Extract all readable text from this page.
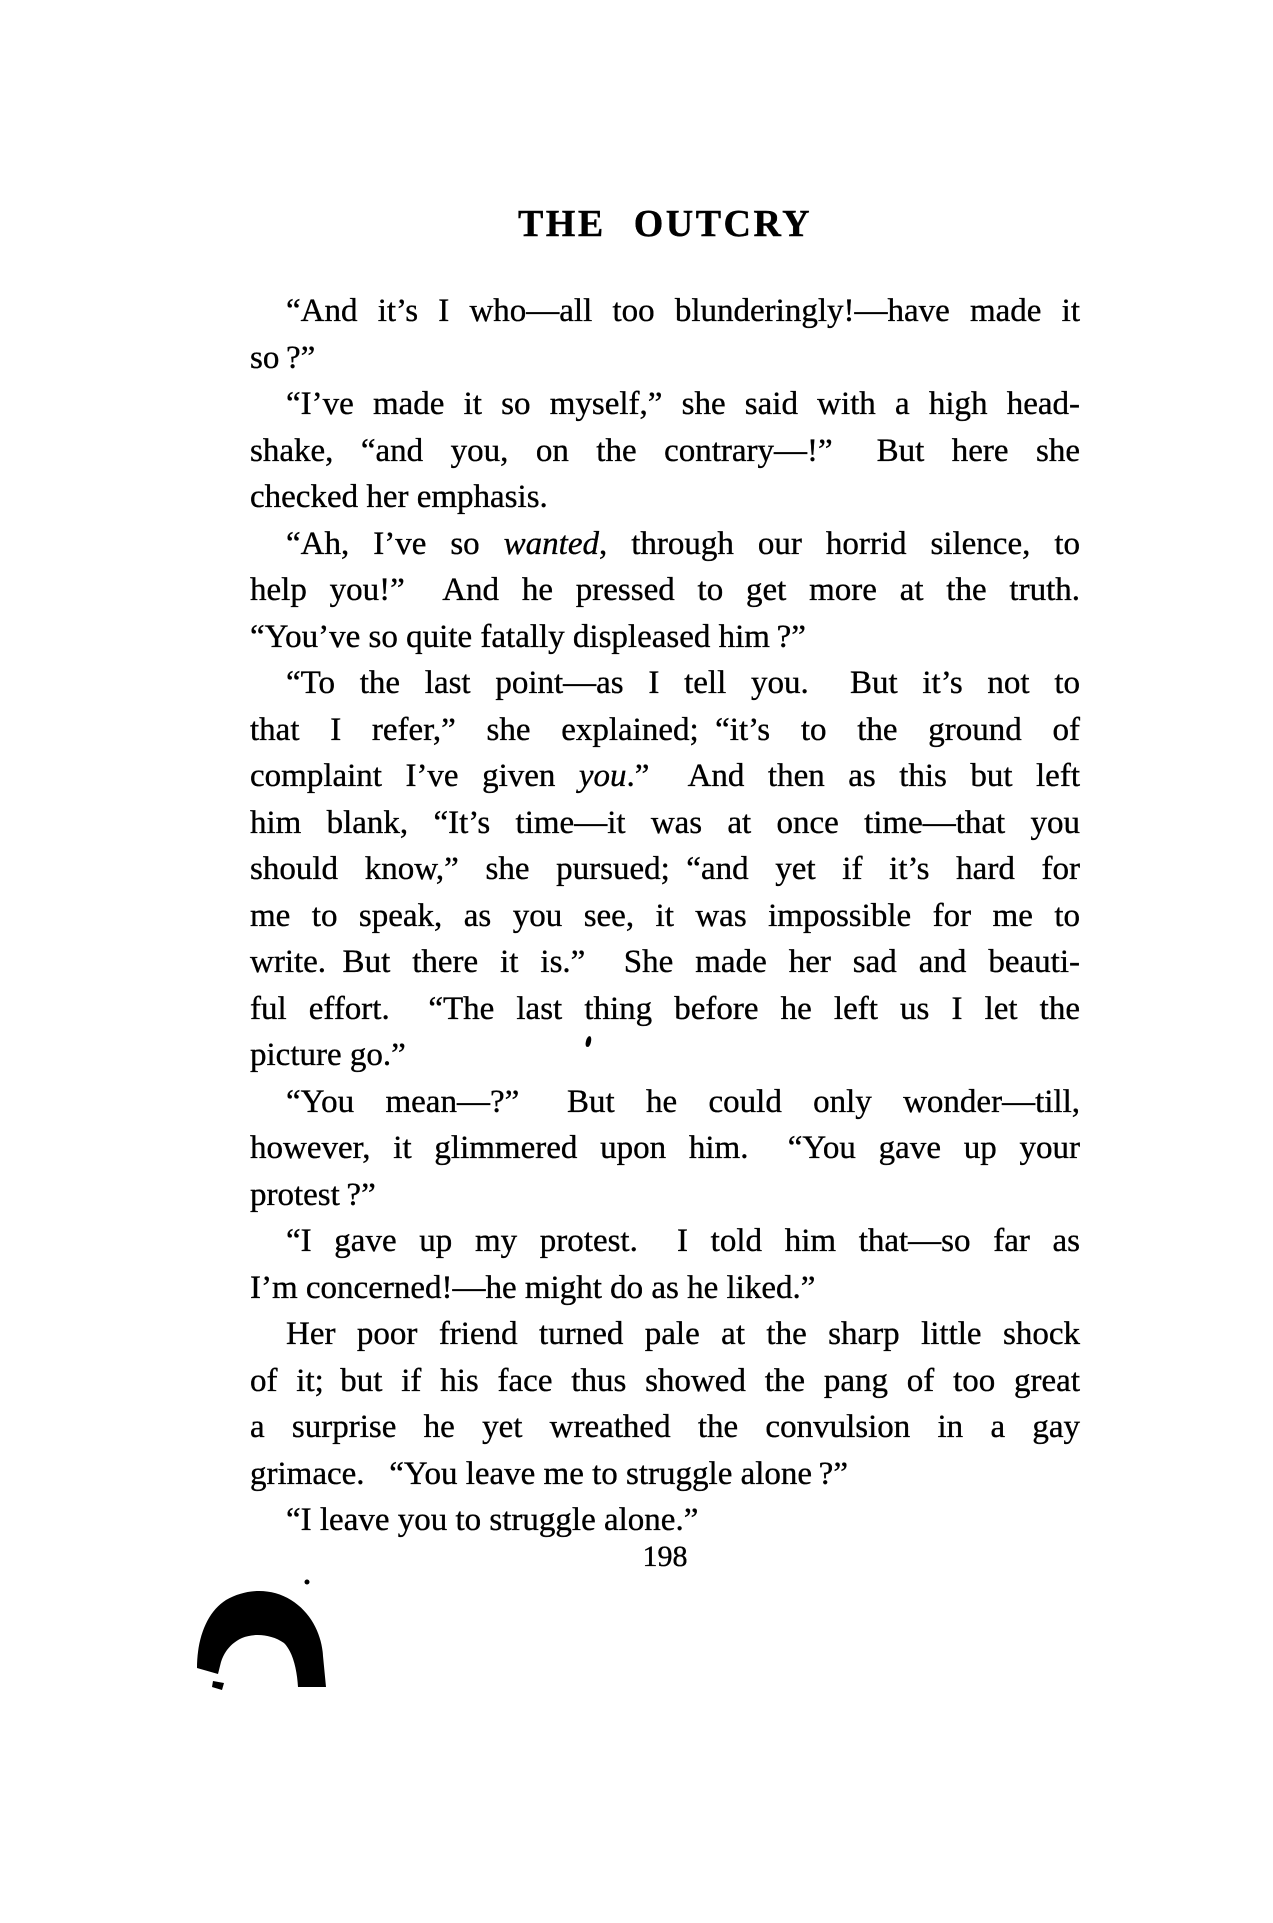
THE OUTCRY
“And it’s I who—all too blunderingly!—have made it
so ?”
“I’ve made it so myself,” she said with a high head-
shake, “and you, on the contrary—!”  But here she
checked her emphasis.
“Ah, I’ve so wanted, through our horrid silence, to
help you!”  And he pressed to get more at the truth.
“You’ve so quite fatally displeased him ?”
“To the last point—as I tell you.  But it’s not to
that I refer,” she explained; “it’s to the ground of
complaint I’ve given you.”  And then as this but left
him blank, “It’s time—it was at once time—that you
should know,” she pursued; “and yet if it’s hard for
me to speak, as you see, it was impossible for me to
write. But there it is.”  She made her sad and beauti-
ful effort.  “The last thing before he left us I let the
picture go.”
“You mean—?”  But he could only wonder—till,
however, it glimmered upon him.  “You gave up your
protest ?”
“I gave up my protest.  I told him that—so far as
I’m concerned!—he might do as he liked.”
Her poor friend turned pale at the sharp little shock
of it; but if his face thus showed the pang of too great
a surprise he yet wreathed the convulsion in a gay
grimace.  “You leave me to struggle alone ?”
“I leave you to struggle alone.”
198
